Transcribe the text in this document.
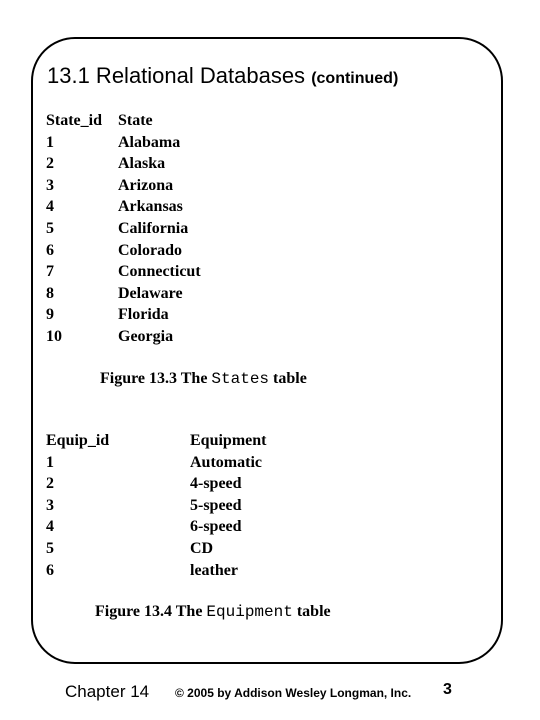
13.1 Relational Databases (continued)
State_id State
1	Alabama
2	Alaska
3	Arizona
4	Arkansas
5	California
6	Colorado
7	Connecticut
8	Delaware
9	Florida
10	Georgia
Figure 13.3 The States table
Equip_id	Equipment
1	Automatic
2	4-speed
3	5-speed
4	6-speed
5	CD
6	leather
Figure 13.4 The Equipment table
Chapter 14 © 2005 by Addison Wesley Longman, Inc. 3
